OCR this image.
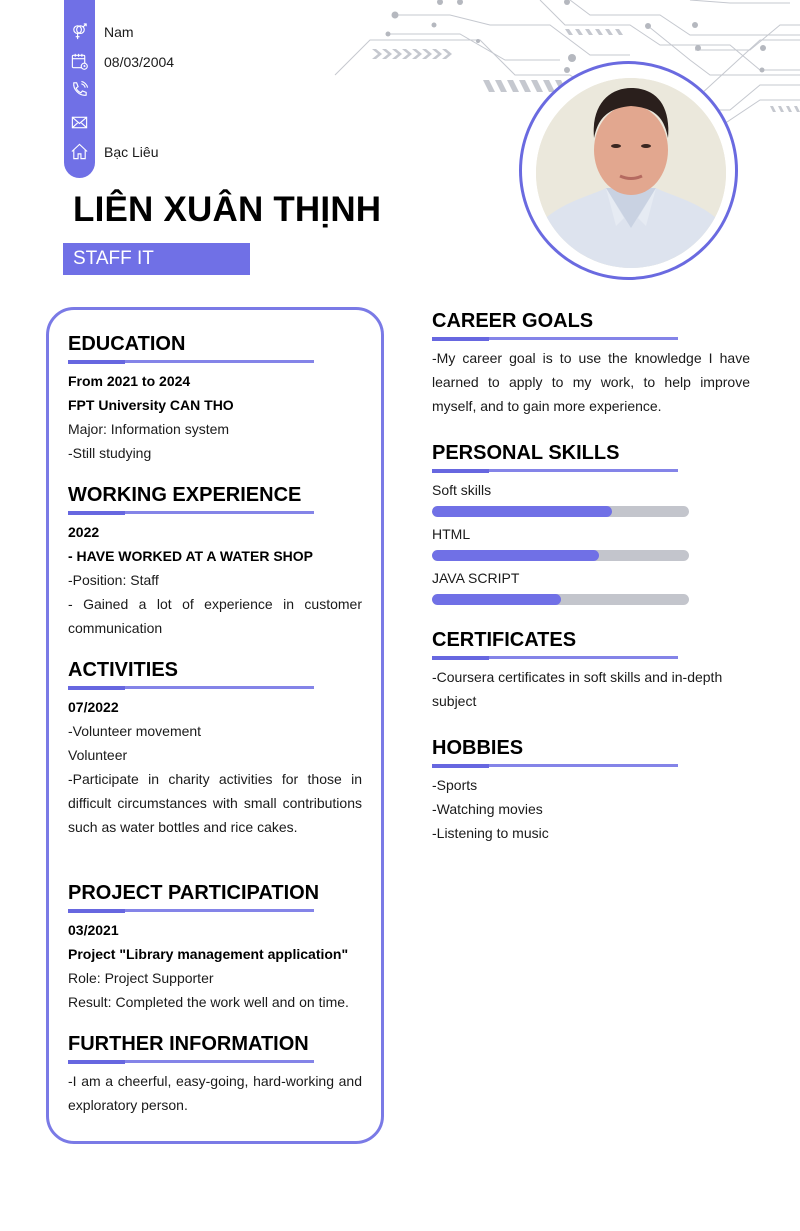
Nam
08/03/2004
Bạc Liêu
LIÊN XUÂN THỊNH
STAFF IT
EDUCATION
From 2021 to 2024
FPT University CAN THO
Major: Information system
-Still studying
WORKING EXPERIENCE
2022
- HAVE WORKED AT A WATER SHOP
-Position: Staff
- Gained a lot of experience in customer communication
ACTIVITIES
07/2022
-Volunteer movement
Volunteer
-Participate in charity activities for those in difficult circumstances with small contributions such as water bottles and rice cakes.
PROJECT PARTICIPATION
03/2021
Project "Library management application"
Role: Project Supporter
Result: Completed the work well and on time.
FURTHER INFORMATION
-I am a cheerful, easy-going, hard-working and exploratory person.
CAREER GOALS
-My career goal is to use the knowledge I have learned to apply to my work, to help improve myself, and to gain more experience.
PERSONAL SKILLS
Soft skills
HTML
JAVA SCRIPT
CERTIFICATES
-Coursera certificates in soft skills and in-depth subject
HOBBIES
-Sports
-Watching movies
-Listening to music
